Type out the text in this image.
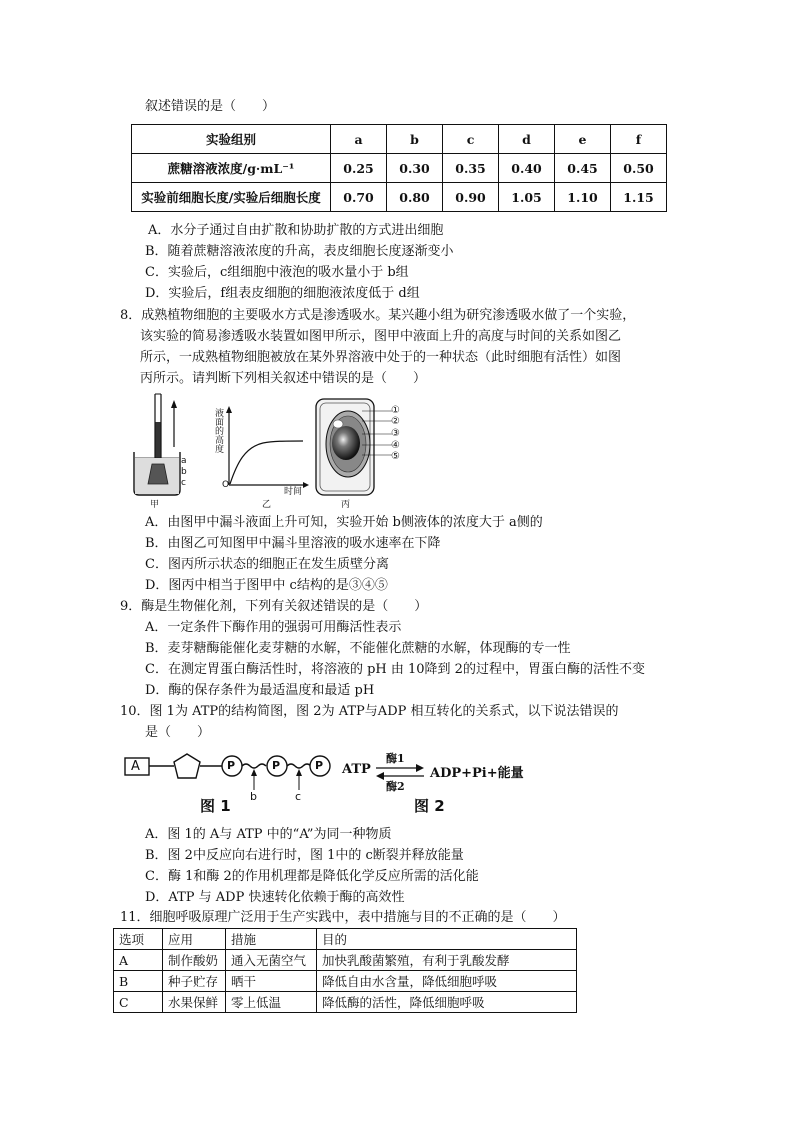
叙述错误的是（　　）
实验组别	a	b	c	d	e	f
蔗糖溶液浓度/g·mL⁻¹	0.25	0.30	0.35	0.40	0.45	0.50
实验前细胞长度/实验后细胞长度	0.70	0.80	0.90	1.05	1.10	1.15
A．水分子通过自由扩散和协助扩散的方式进出细胞
B．随着蔗糖溶液浓度的升高，表皮细胞长度逐渐变小
C．实验后，c组细胞中液泡的吸水量小于 b组
D．实验后，f组表皮细胞的细胞液浓度低于 d组
8．成熟植物细胞的主要吸水方式是渗透吸水。某兴趣小组为研究渗透吸水做了一个实验，
该实验的简易渗透吸水装置如图甲所示，图甲中液面上升的高度与时间的关系如图乙
所示，一成熟植物细胞被放在某外界溶液中处于的一种状态（此时细胞有活性）如图
丙所示。请判断下列相关叙述中错误的是（　　）
a
b
c
甲
液面的高度
O
时间
乙
①
②
③
④
⑤
丙
A．由图甲中漏斗液面上升可知，实验开始 b侧液体的浓度大于 a侧的
B．由图乙可知图甲中漏斗里溶液的吸水速率在下降
C．图丙所示状态的细胞正在发生质壁分离
D．图丙中相当于图甲中 c结构的是③④⑤
9．酶是生物催化剂，下列有关叙述错误的是（　　）
A．一定条件下酶作用的强弱可用酶活性表示
B．麦芽糖酶能催化麦芽糖的水解，不能催化蔗糖的水解，体现酶的专一性
C．在测定胃蛋白酶活性时，将溶液的 pH 由 10降到 2的过程中，胃蛋白酶的活性不变
D．酶的保存条件为最适温度和最适 pH
10．图 1为 ATP的结构简图，图 2为 ATP与ADP 相互转化的关系式，以下说法错误的
是（　　）
A	P	P	P
b	c
图 1
ATP ⇌
酶1
酶2
ADP+Pi+能量
图 2
A．图 1的 A与 ATP 中的“A”为同一种物质
B．图 2中反应向右进行时，图 1中的 c断裂并释放能量
C．酶 1和酶 2的作用机理都是降低化学反应所需的活化能
D．ATP 与 ADP 快速转化依赖于酶的高效性
11．细胞呼吸原理广泛用于生产实践中，表中措施与目的不正确的是（　　）
选项	应用	措施	目的
A	制作酸奶	通入无菌空气	加快乳酸菌繁殖，有利于乳酸发酵
B	种子贮存	晒干	降低自由水含量，降低细胞呼吸
C	水果保鲜	零上低温	降低酶的活性，降低细胞呼吸
